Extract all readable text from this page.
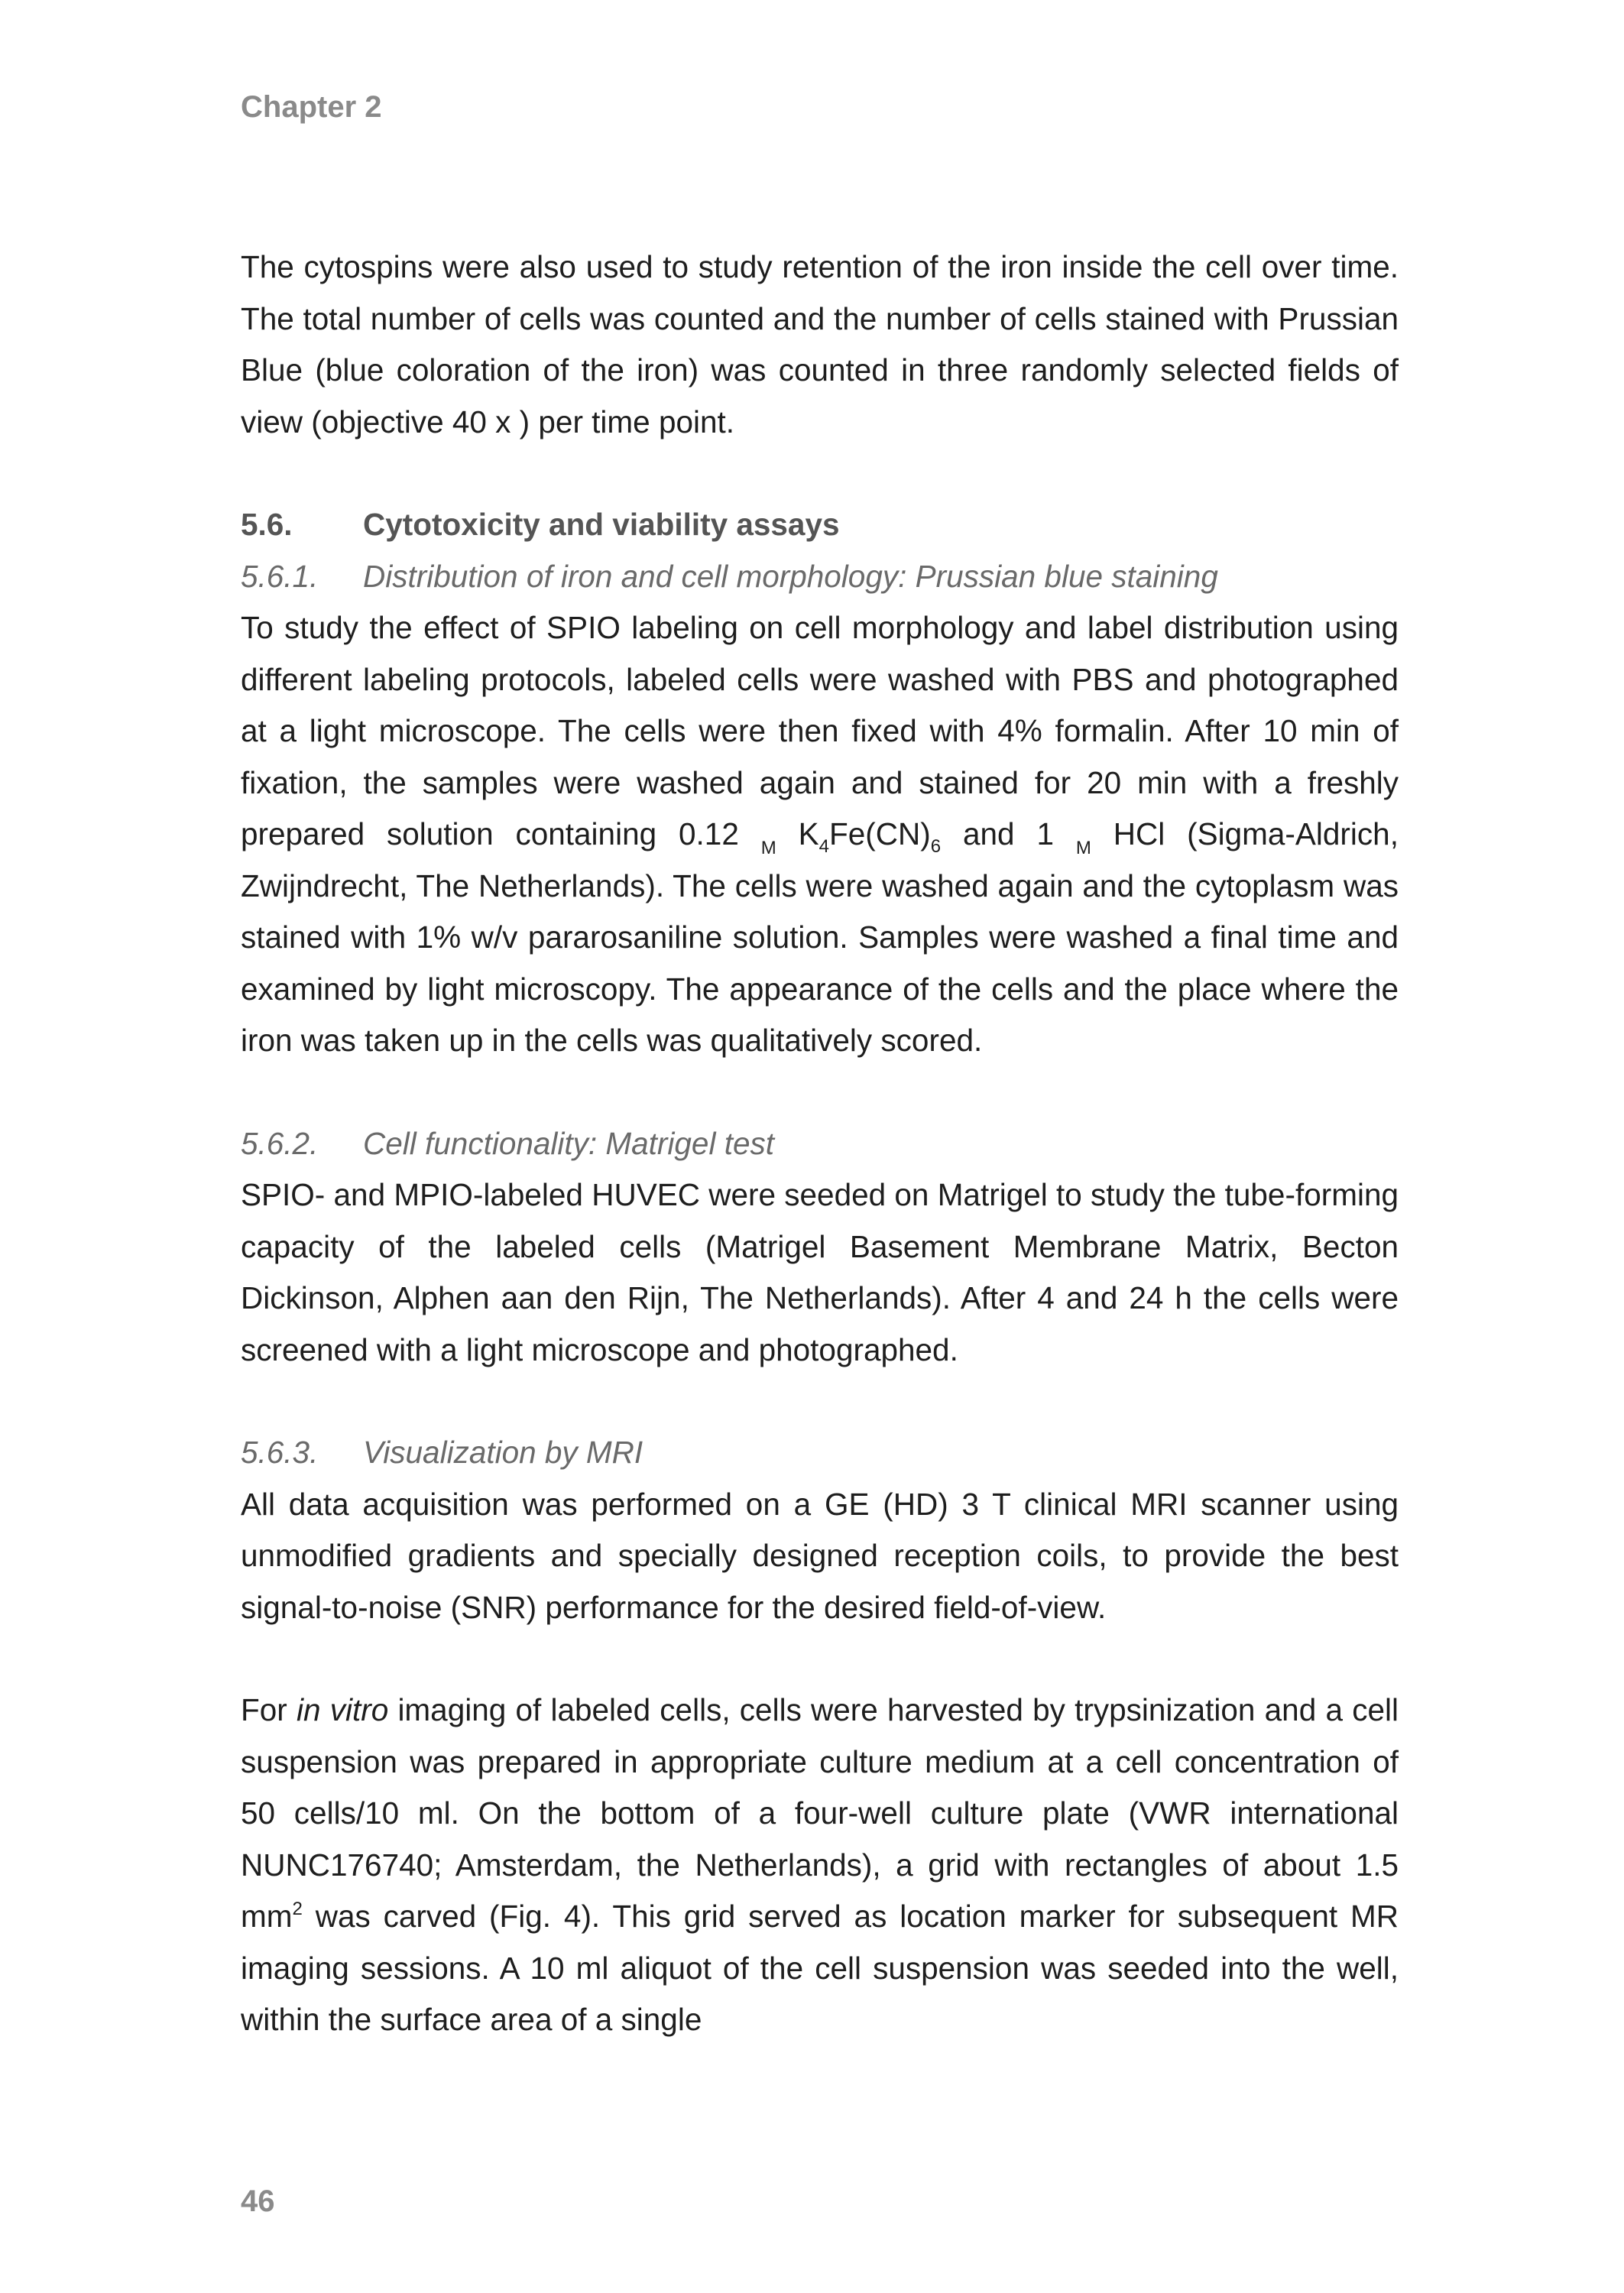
Chapter 2

The cytospins were also used to study retention of the iron inside the cell over time. The total number of cells was counted and the number of cells stained with Prussian Blue (blue coloration of the iron) was counted in three randomly selected fields of view (objective 40 x ) per time point.

5.6.	Cytotoxicity and viability assays
5.6.1.	Distribution of iron and cell morphology: Prussian blue staining

To study the effect of SPIO labeling on cell morphology and label distribution using different labeling protocols, labeled cells were washed with PBS and photographed at a light microscope. The cells were then fixed with 4% formalin. After 10 min of fixation, the samples were washed again and stained for 20 min with a freshly prepared solution containing 0.12 $_M$ $K_4Fe(CN)_6$ and 1 $_M$ HCl (Sigma-Aldrich, Zwijndrecht, The Netherlands). The cells were washed again and the cytoplasm was stained with 1% w/v pararosaniline solution. Samples were washed a final time and examined by light microscopy. The appearance of the cells and the place where the iron was taken up in the cells was qualitatively scored.

5.6.2.	Cell functionality: Matrigel test

SPIO- and MPIO-labeled HUVEC were seeded on Matrigel to study the tube-forming capacity of the labeled cells (Matrigel Basement Membrane Matrix, Becton Dickinson, Alphen aan den Rijn, The Netherlands). After 4 and 24 h the cells were screened with a light microscope and photographed.

5.6.3.	Visualization by MRI

All data acquisition was performed on a GE (HD) 3 T clinical MRI scanner using unmodified gradients and specially designed reception coils, to provide the best signal-to-noise (SNR) performance for the desired field-of-view.

For in vitro imaging of labeled cells, cells were harvested by trypsinization and a cell suspension was prepared in appropriate culture medium at a cell concentration of 50 cells/10 ml. On the bottom of a four-well culture plate (VWR international NUNC176740; Amsterdam, the Netherlands), a grid with rectangles of about 1.5 $mm^2$ was carved (Fig. 4). This grid served as location marker for subsequent MR imaging sessions. A 10 ml aliquot of the cell suspension was seeded into the well, within the surface area of a single

46
